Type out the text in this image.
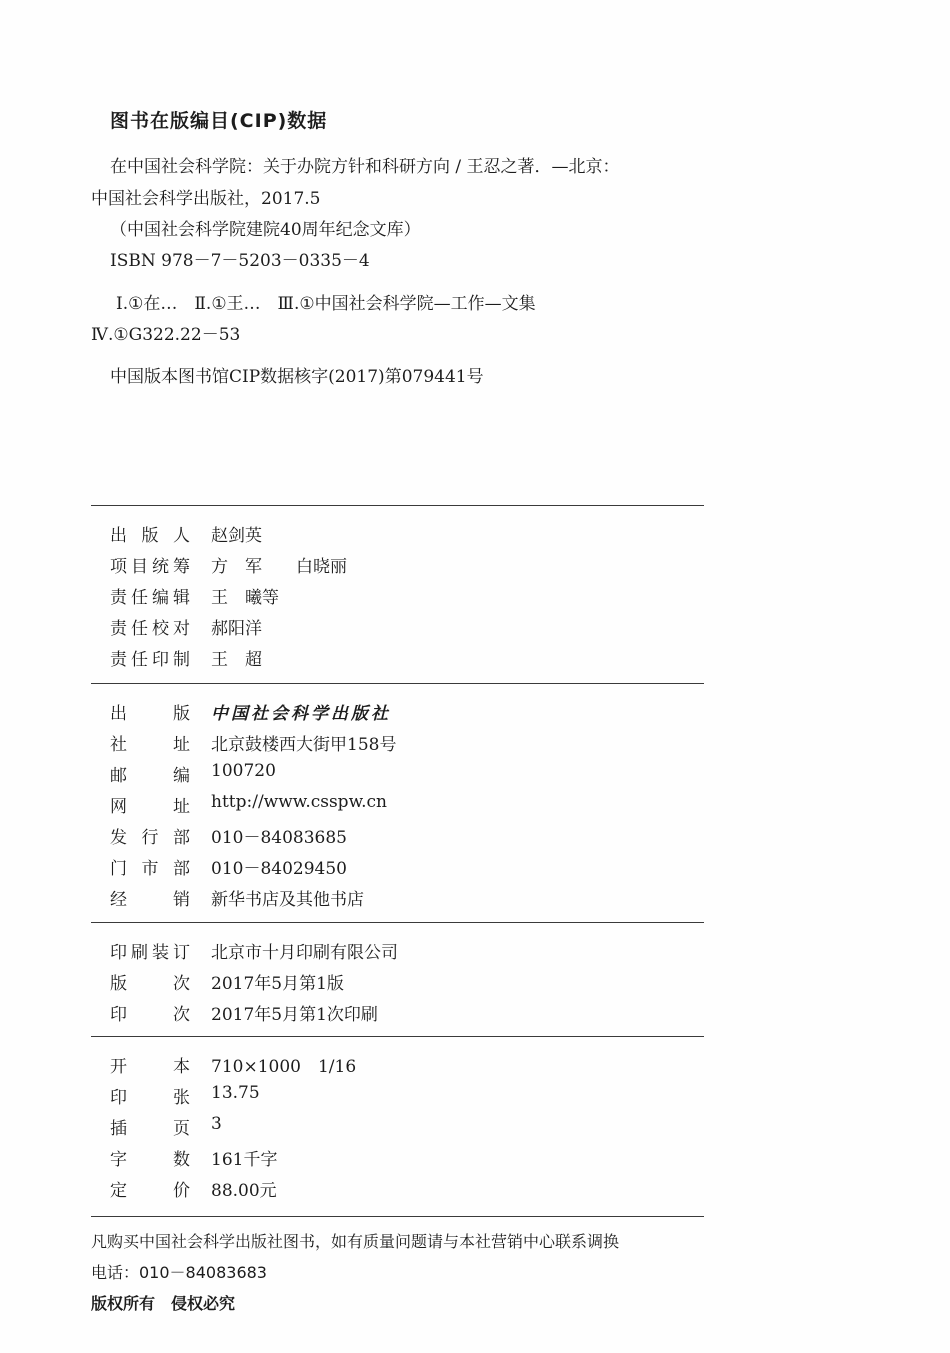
图书在版编目(CIP)数据
在中国社会科学院：关于办院方针和科研方向 / 王忍之著．—北京：
中国社会科学出版社，2017.5
（中国社会科学院建院40周年纪念文库）
ISBN 978－7－5203－0335－4
Ⅰ.①在…　Ⅱ.①王…　Ⅲ.①中国社会科学院—工作—文集
Ⅳ.①G322.22－53
中国版本图书馆CIP数据核字(2017)第079441号
出版人 赵剑英
项目统筹 方　军　　白晓丽
责任编辑 王　曦等
责任校对 郝阳洋
责任印制 王　超
出版 中国社会科学出版社
社址 北京鼓楼西大街甲158号
邮编 100720
网址 http://www.csspw.cn
发行部 010－84083685
门市部 010－84029450
经销 新华书店及其他书店
印刷装订 北京市十月印刷有限公司
版次 2017年5月第1版
印次 2017年5月第1次印刷
开本 710×1000　1/16
印张 13.75
插页 3
字数 161千字
定价 88.00元
凡购买中国社会科学出版社图书，如有质量问题请与本社营销中心联系调换
电话：010－84083683
版权所有　侵权必究
